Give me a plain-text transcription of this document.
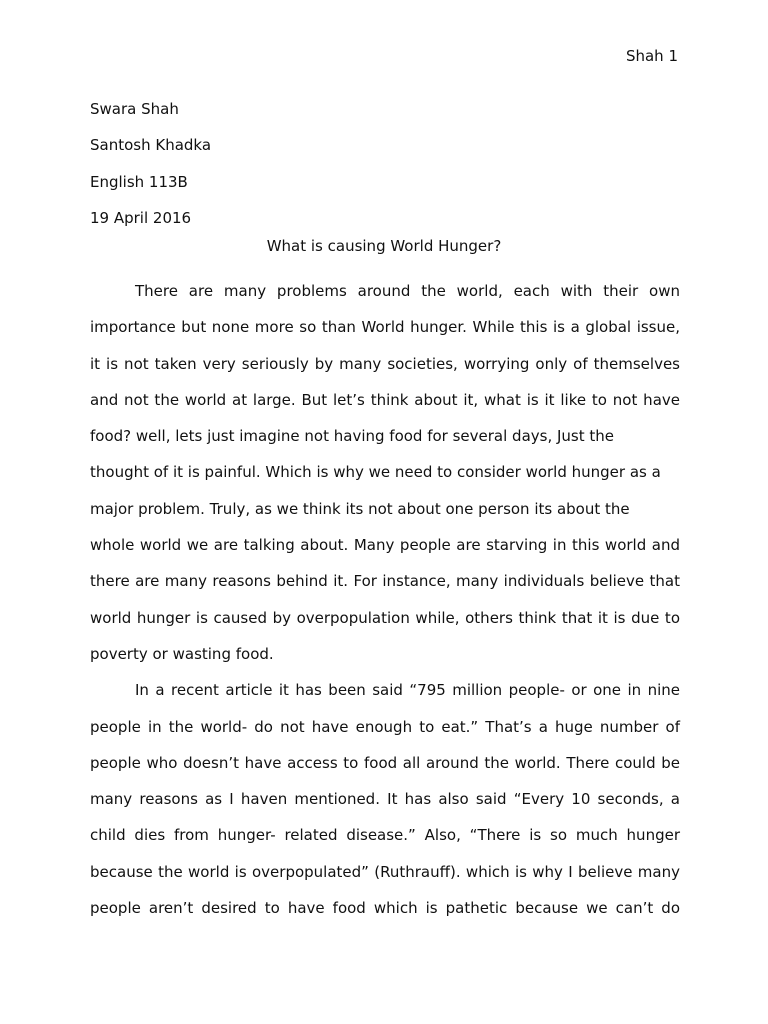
Shah 1
Swara Shah
Santosh Khadka
English 113B
19 April 2016
What is causing World Hunger?
There are many problems around the world, each with their own
importance but none more so than World hunger. While this is a global issue,
it is not taken very seriously by many societies, worrying only of themselves
and not the world at large. But let’s think about it, what is it like to not have
food? well, lets just imagine not having food for several days, Just the
thought of it is painful. Which is why we need to consider world hunger as a
major problem. Truly, as we think its not about one person its about the
whole world we are talking about. Many people are starving in this world and
there are many reasons behind it. For instance, many individuals believe that
world hunger is caused by overpopulation while, others think that it is due to
poverty or wasting food.
In a recent article it has been said “795 million people- or one in nine
people in the world- do not have enough to eat.” That’s a huge number of
people who doesn’t have access to food all around the world. There could be
many reasons as I haven mentioned. It has also said “Every 10 seconds, a
child dies from hunger- related disease.” Also, “There is so much hunger
because the world is overpopulated” (Ruthrauff). which is why I believe many
people aren’t desired to have food which is pathetic because we can’t do
